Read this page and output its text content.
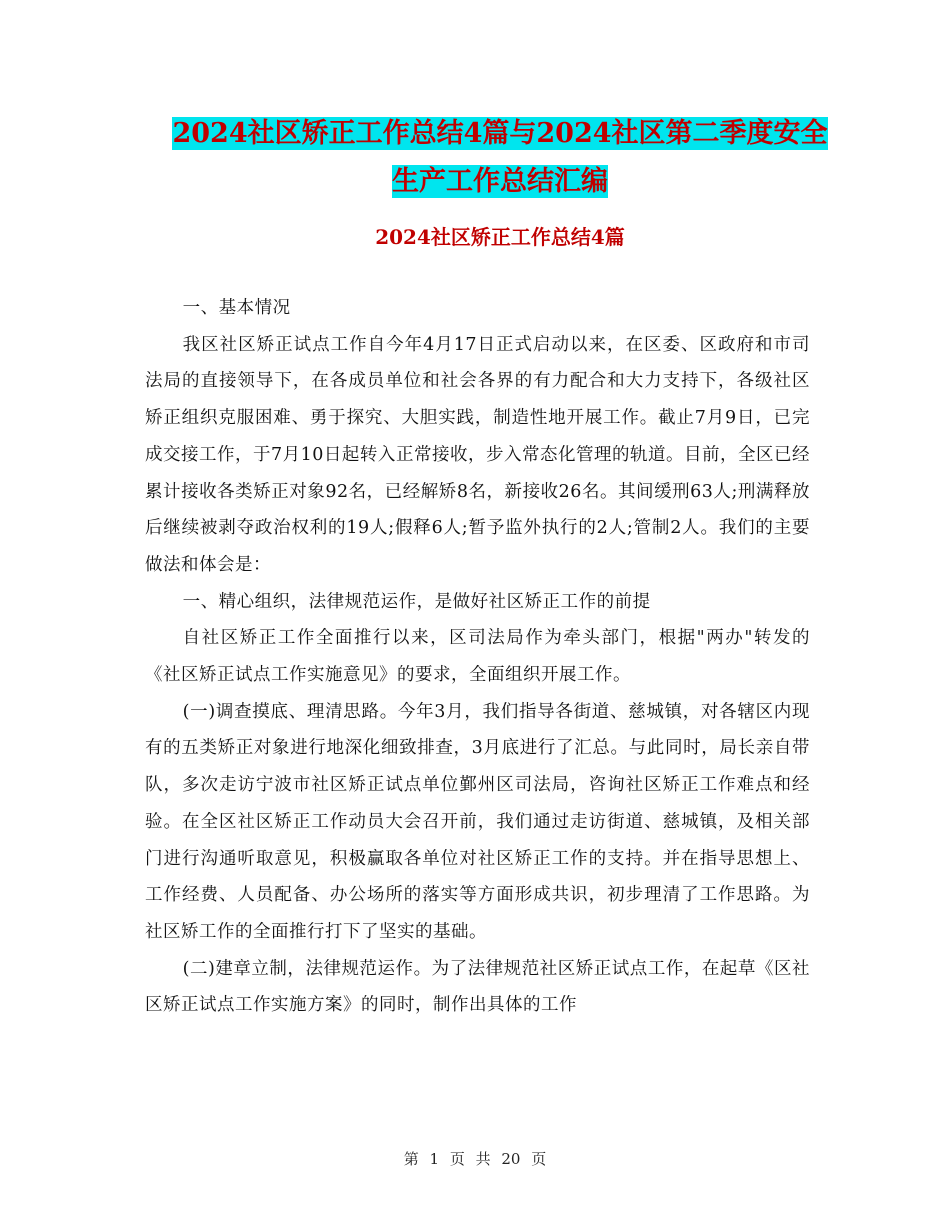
2024社区矫正工作总结4篇与2024社区第二季度安全
生产工作总结汇编
2024社区矫正工作总结4篇

一、基本情况

我区社区矫正试点工作自今年4月17日正式启动以来，在区委、区政府和市司法局的直接领导下，在各成员单位和社会各界的有力配合和大力支持下，各级社区矫正组织克服困难、勇于探究、大胆实践，制造性地开展工作。截止7月9日，已完成交接工作，于7月10日起转入正常接收，步入常态化管理的轨道。目前，全区已经累计接收各类矫正对象92名，已经解矫8名，新接收26名。其间缓刑63人;刑满释放后继续被剥夺政治权利的19人;假释6人;暂予监外执行的2人;管制2人。我们的主要做法和体会是：

一、精心组织，法律规范运作，是做好社区矫正工作的前提

自社区矫正工作全面推行以来，区司法局作为牵头部门，根据"两办"转发的《社区矫正试点工作实施意见》的要求，全面组织开展工作。

(一)调查摸底、理清思路。今年3月，我们指导各街道、慈城镇，对各辖区内现有的五类矫正对象进行地深化细致排查，3月底进行了汇总。与此同时，局长亲自带队，多次走访宁波市社区矫正试点单位鄞州区司法局，咨询社区矫正工作难点和经验。在全区社区矫正工作动员大会召开前，我们通过走访街道、慈城镇，及相关部门进行沟通听取意见，积极赢取各单位对社区矫正工作的支持。并在指导思想上、工作经费、人员配备、办公场所的落实等方面形成共识，初步理清了工作思路。为社区矫工作的全面推行打下了坚实的基础。

(二)建章立制，法律规范运作。为了法律规范社区矫正试点工作，在起草《区社区矫正试点工作实施方案》的同时，制作出具体的工作

第 1 页 共 20 页
